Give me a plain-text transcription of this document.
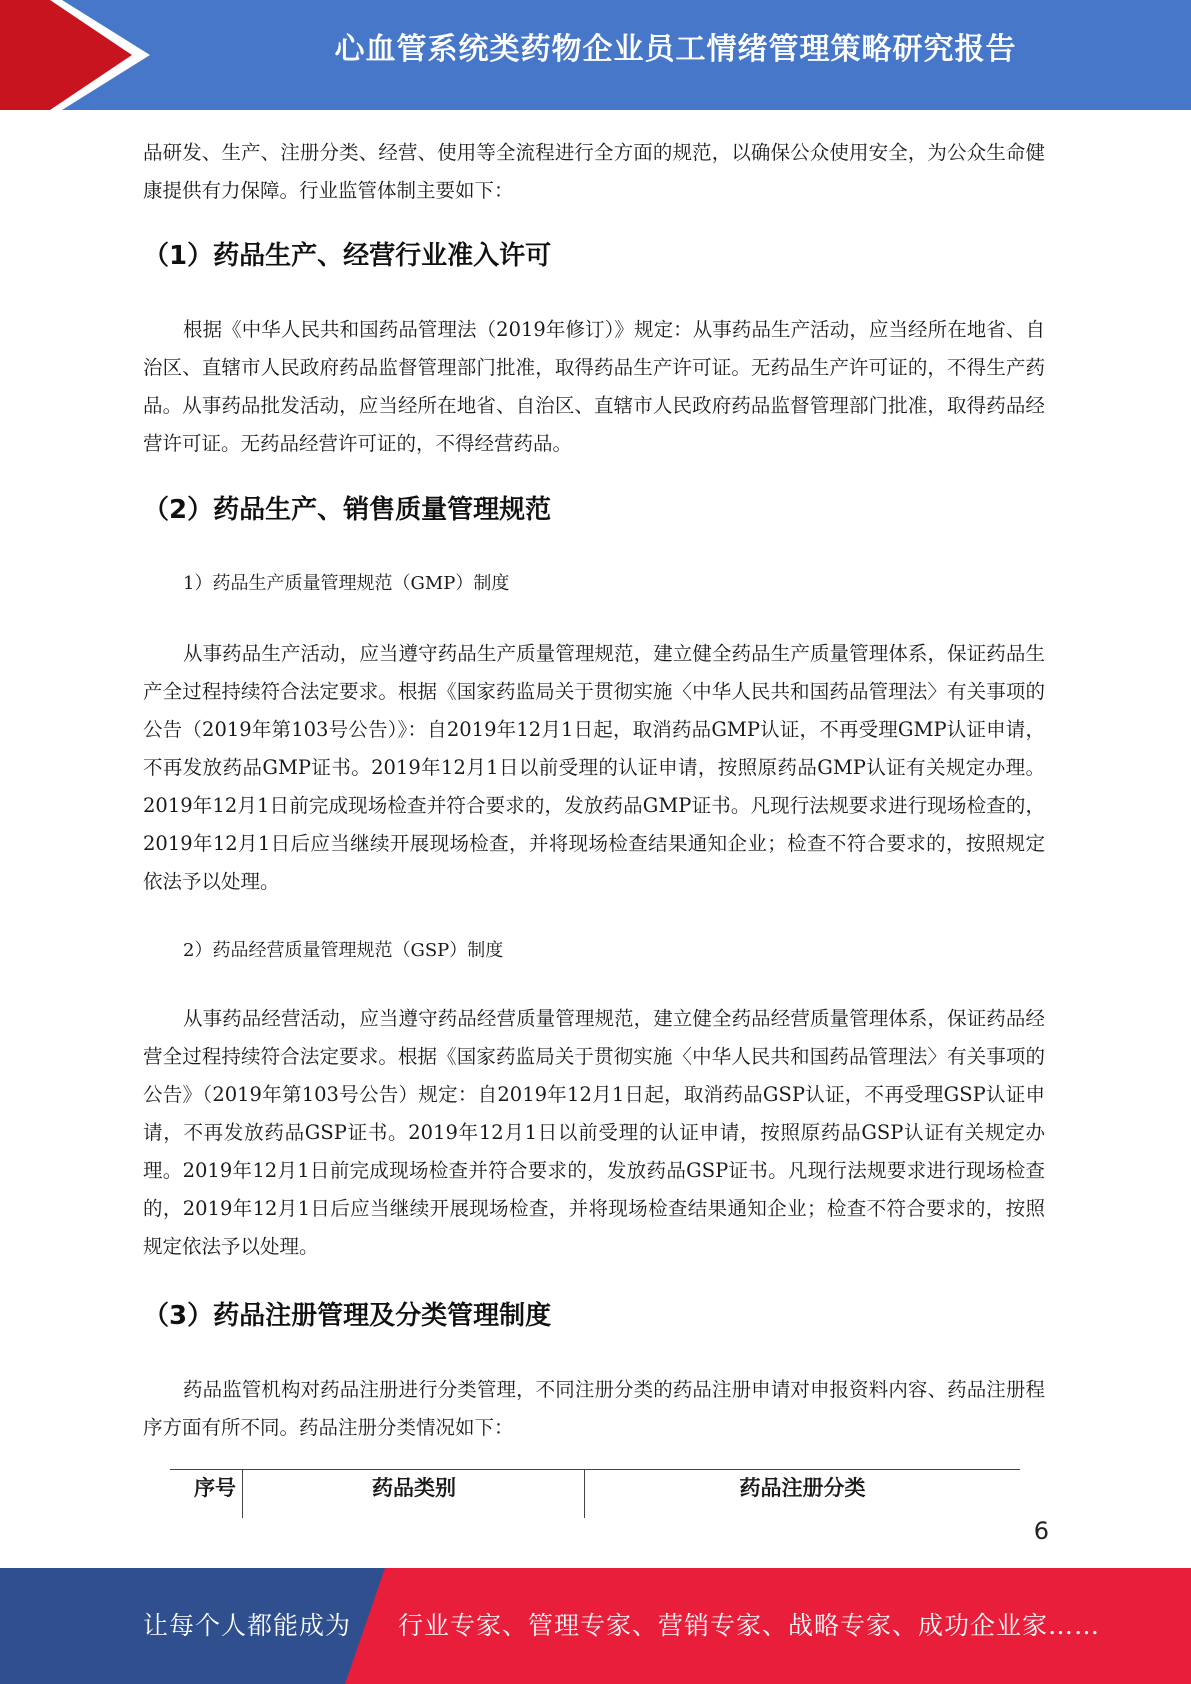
心血管系统类药物企业员工情绪管理策略研究报告

品研发、生产、注册分类、经营、使用等全流程进行全方面的规范，以确保公众使用安全，为公众生命健康提供有力保障。行业监管体制主要如下：

（1）药品生产、经营行业准入许可

根据《中华人民共和国药品管理法（2019年修订）》规定：从事药品生产活动，应当经所在地省、自治区、直辖市人民政府药品监督管理部门批准，取得药品生产许可证。无药品生产许可证的，不得生产药品。从事药品批发活动，应当经所在地省、自治区、直辖市人民政府药品监督管理部门批准，取得药品经营许可证。无药品经营许可证的，不得经营药品。

（2）药品生产、销售质量管理规范

1）药品生产质量管理规范（GMP）制度

从事药品生产活动，应当遵守药品生产质量管理规范，建立健全药品生产质量管理体系，保证药品生产全过程持续符合法定要求。根据《国家药监局关于贯彻实施〈中华人民共和国药品管理法〉有关事项的公告（2019年第103号公告）》：自2019年12月1日起，取消药品GMP认证，不再受理GMP认证申请，不再发放药品GMP证书。2019年12月1日以前受理的认证申请，按照原药品GMP认证有关规定办理。2019年12月1日前完成现场检查并符合要求的，发放药品GMP证书。凡现行法规要求进行现场检查的，2019年12月1日后应当继续开展现场检查，并将现场检查结果通知企业；检查不符合要求的，按照规定依法予以处理。

2）药品经营质量管理规范（GSP）制度

从事药品经营活动，应当遵守药品经营质量管理规范，建立健全药品经营质量管理体系，保证药品经营全过程持续符合法定要求。根据《国家药监局关于贯彻实施〈中华人民共和国药品管理法〉有关事项的公告》（2019年第103号公告）规定：自2019年12月1日起，取消药品GSP认证，不再受理GSP认证申请，不再发放药品GSP证书。2019年12月1日以前受理的认证申请，按照原药品GSP认证有关规定办理。2019年12月1日前完成现场检查并符合要求的，发放药品GSP证书。凡现行法规要求进行现场检查的，2019年12月1日后应当继续开展现场检查，并将现场检查结果通知企业；检查不符合要求的，按照规定依法予以处理。

（3）药品注册管理及分类管理制度

药品监管机构对药品注册进行分类管理，不同注册分类的药品注册申请对申报资料内容、药品注册程序方面有所不同。药品注册分类情况如下：

序号	药品类别	药品注册分类
6
让每个人都能成为 行业专家、管理专家、营销专家、战略专家、成功企业家……
